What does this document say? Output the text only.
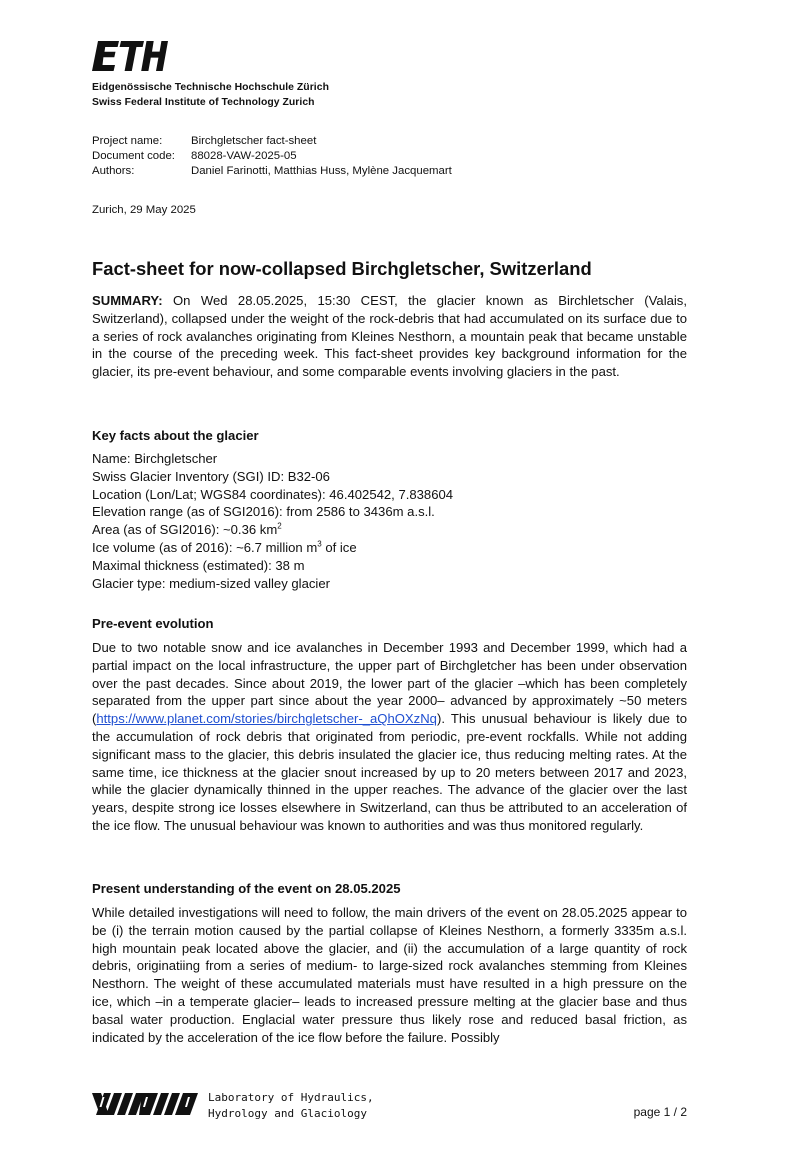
Eidgenössische Technische Hochschule Zürich
Swiss Federal Institute of Technology Zurich
Project name:	Birchgletscher fact-sheet
Document code:	88028-VAW-2025-05
Authors:	Daniel Farinotti, Matthias Huss, Mylène Jacquemart
Zurich, 29 May 2025
Fact-sheet for now-collapsed Birchgletscher, Switzerland

SUMMARY: On Wed 28.05.2025, 15:30 CEST, the glacier known as Birchletscher (Valais, Switzerland), collapsed under the weight of the rock-debris that had accumulated on its surface due to a series of rock avalanches originating from Kleines Nesthorn, a mountain peak that became unstable in the course of the preceding week. This fact-sheet provides key background information for the glacier, its pre-event behaviour, and some comparable events involving glaciers in the past.

Key facts about the glacier
Name: Birchgletscher
Swiss Glacier Inventory (SGI) ID: B32-06
Location (Lon/Lat; WGS84 coordinates): 46.402542, 7.838604
Elevation range (as of SGI2016): from 2586 to 3436m a.s.l.
Area (as of SGI2016): ~0.36 $km^2$
Ice volume (as of 2016): ~6.7 million $m^3$ of ice
Maximal thickness (estimated): 38 m
Glacier type: medium-sized valley glacier
Pre-event evolution

Due to two notable snow and ice avalanches in December 1993 and December 1999, which had a partial impact on the local infrastructure, the upper part of Birchgletcher has been under observation over the past decades. Since about 2019, the lower part of the glacier –which has been completely separated from the upper part since about the year 2000– advanced by approximately ~50 meters (https://www.planet.com/stories/birchgletscher-_aQhOXzNq). This unusual behaviour is likely due to the accumulation of rock debris that originated from periodic, pre-event rockfalls. While not adding significant mass to the glacier, this debris insulated the glacier ice, thus reducing melting rates. At the same time, ice thickness at the glacier snout increased by up to 20 meters between 2017 and 2023, while the glacier dynamically thinned in the upper reaches. The advance of the glacier over the last years, despite strong ice losses elsewhere in Switzerland, can thus be attributed to an acceleration of the ice flow. The unusual behaviour was known to authorities and was thus monitored regularly.

Present understanding of the event on 28.05.2025

While detailed investigations will need to follow, the main drivers of the event on 28.05.2025 appear to be (i) the terrain motion caused by the partial collapse of Kleines Nesthorn, a formerly 3335m a.s.l. high mountain peak located above the glacier, and (ii) the accumulation of a large quantity of rock debris, originatiing from a series of medium- to large-sized rock avalanches stemming from Kleines Nesthorn. The weight of these accumulated materials must have resulted in a high pressure on the ice, which –in a temperate glacier– leads to increased pressure melting at the glacier base and thus basal water production. Englacial water pressure thus likely rose and reduced basal friction, as indicated by the acceleration of the ice flow before the failure. Possibly

Laboratory of Hydraulics,
Hydrology and Glaciology	page 1 / 2
